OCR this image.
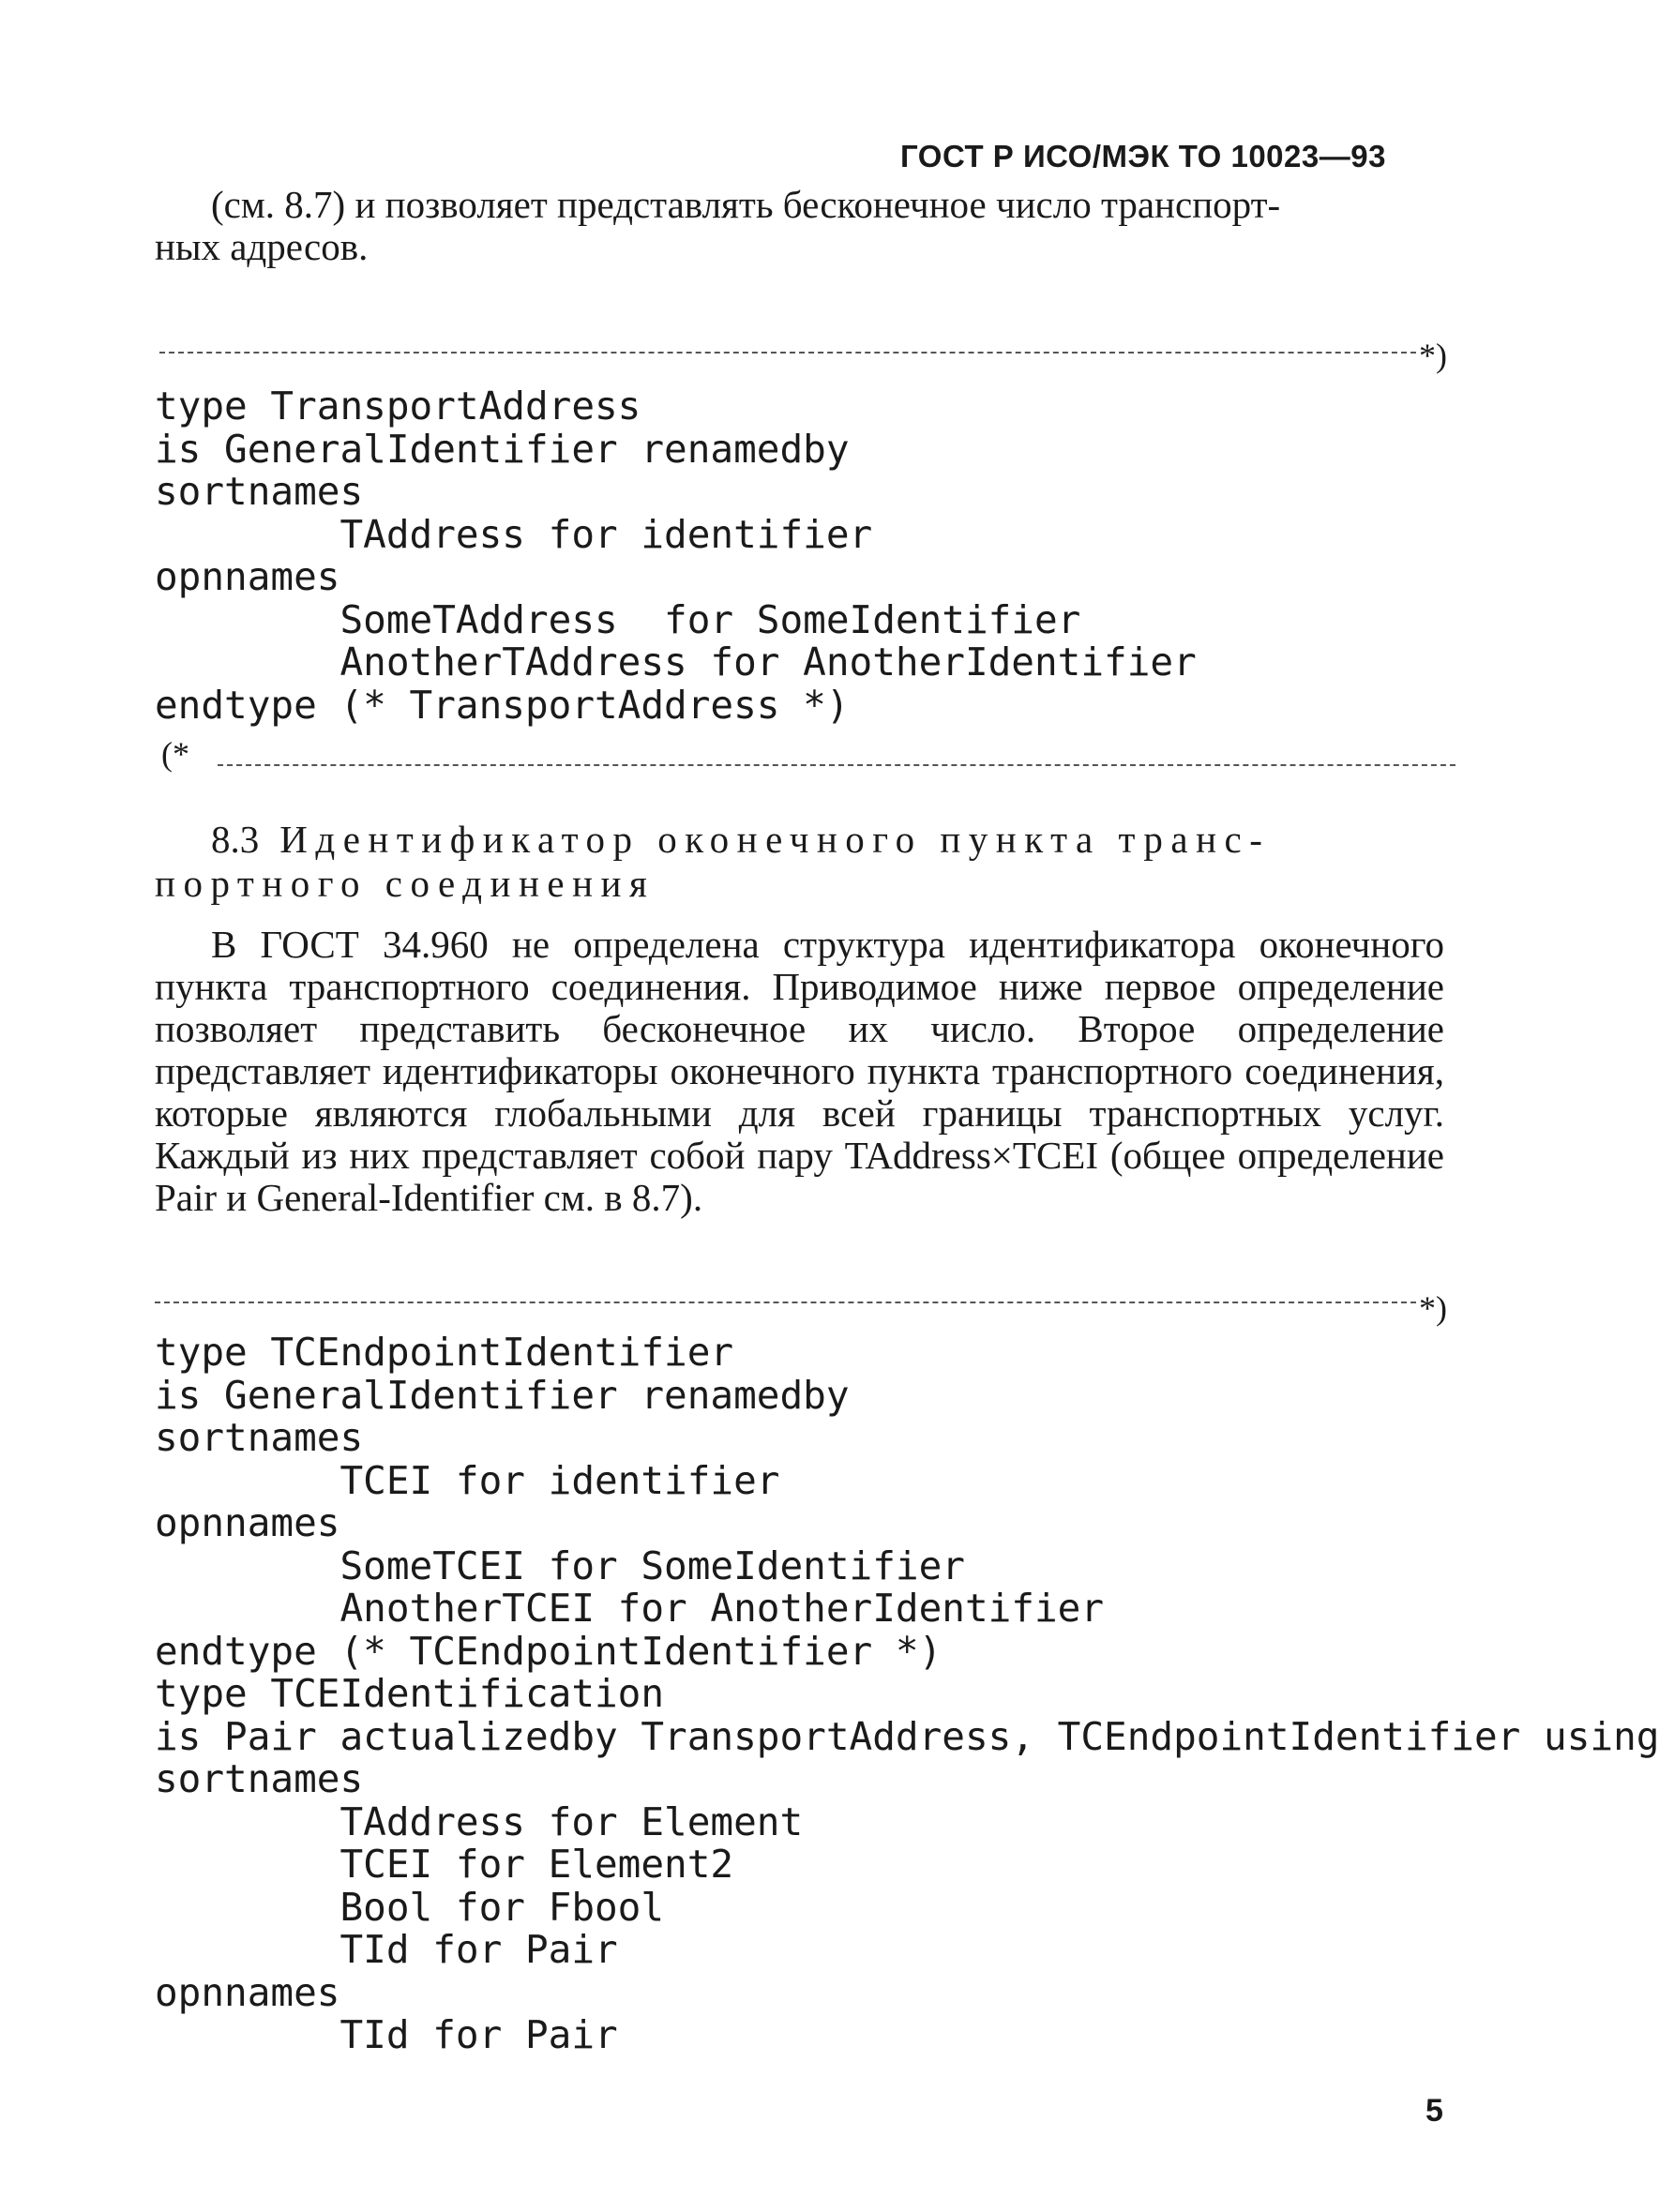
ГОСТ Р ИСО/МЭК ТО 10023—93

(см. 8.7) и позволяет представлять бесконечное число транспорт-

ных адресов.

*)
type TransportAddress
is GeneralIdentifier renamedby
sortnames
TAddress for identifier
opnnames
SomeTAddress  for SomeIdentifier
AnotherTAddress for AnotherIdentifier
endtype (* TransportAddress *)
(*
8.3 Идентификатор оконечного пункта транс-
портного соединения

В ГОСТ 34.960 не определена структура идентификатора оконечного пункта транспортного соединения. Приводимое ниже первое определение позволяет представить бесконечное их число. Второе определение представляет идентификаторы оконечного пункта транспортного соединения, которые являются глобальными для всей границы транспортных услуг. Каждый из них представляет собой пару TAddress×TCEI (общее определение Pair и General-Identifier см. в 8.7).

*)
type TCEndpointIdentifier
is GeneralIdentifier renamedby
sortnames
TCEI for identifier
opnnames
SomeTCEI for SomeIdentifier
AnotherTCEI for AnotherIdentifier
endtype (* TCEndpointIdentifier *)
type TCEIdentification
is Pair actualizedby TransportAddress, TCEndpointIdentifier using
sortnames
TAddress for Element
TCEI for Element2
Bool for Fbool
TId for Pair
opnnames
TId for Pair
5
